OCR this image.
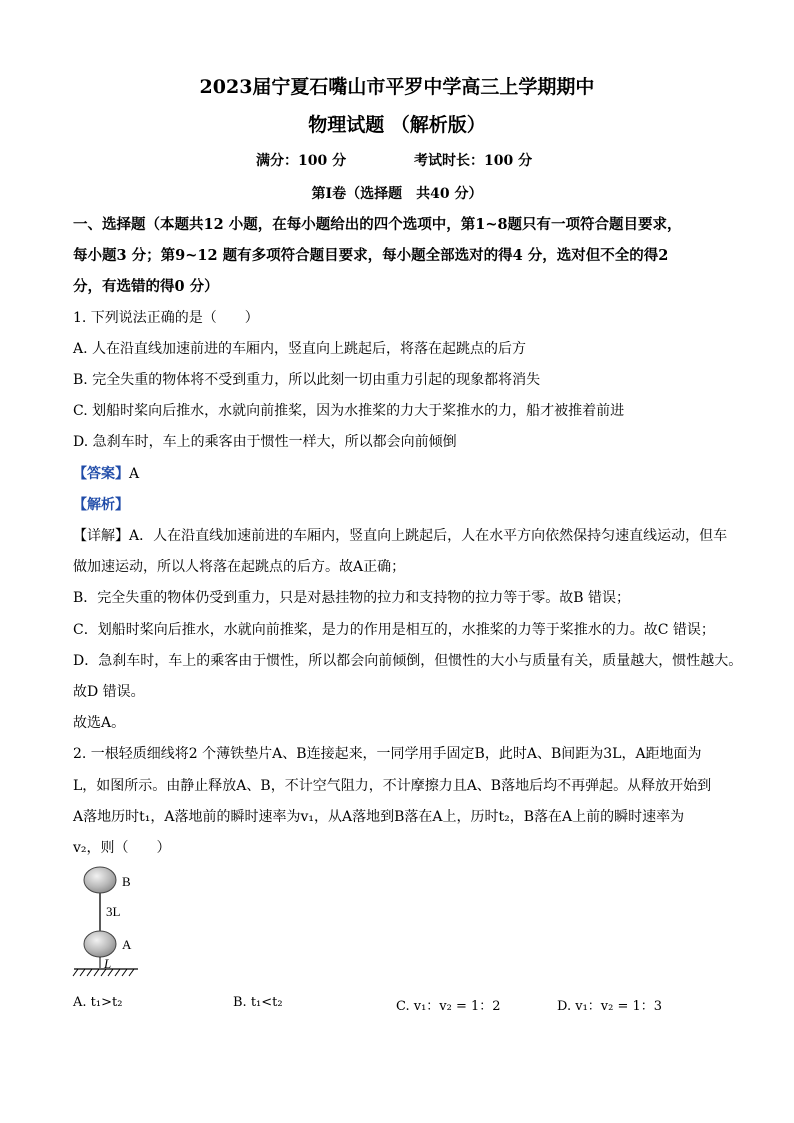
2023届宁夏石嘴山市平罗中学高三上学期期中
物理试题 （解析版）
满分：100 分	考试时长：100 分
第Ⅰ卷（选择题　共40 分）
一、选择题（本题共12 小题，在每小题给出的四个选项中，第1~8题只有一项符合题目要求，
每小题3 分；第9~12 题有多项符合题目要求，每小题全部选对的得4 分，选对但不全的得2
分，有选错的得0 分）
1. 下列说法正确的是（　　）
A. 人在沿直线加速前进的车厢内，竖直向上跳起后，将落在起跳点的后方
B. 完全失重的物体将不受到重力，所以此刻一切由重力引起的现象都将消失
C. 划船时桨向后推水，水就向前推桨，因为水推桨的力大于桨推水的力，船才被推着前进
D. 急刹车时，车上的乘客由于惯性一样大，所以都会向前倾倒
【答案】A
【解析】
【详解】A．人在沿直线加速前进的车厢内，竖直向上跳起后，人在水平方向依然保持匀速直线运动，但车
做加速运动，所以人将落在起跳点的后方。故A正确；
B．完全失重的物体仍受到重力，只是对悬挂物的拉力和支持物的拉力等于零。故B 错误；
C．划船时桨向后推水，水就向前推桨，是力的作用是相互的，水推桨的力等于桨推水的力。故C 错误；
D．急刹车时，车上的乘客由于惯性，所以都会向前倾倒，但惯性的大小与质量有关，质量越大，惯性越大。
故D 错误。
故选A。
2. 一根轻质细线将2 个薄铁垫片A、B连接起来，一同学用手固定B，此时A、B间距为3L，A距地面为
L，如图所示。由静止释放A、B，不计空气阻力，不计摩擦力且A、B落地后均不再弹起。从释放开始到
A落地历时t₁，A落地前的瞬时速率为v₁，从A落地到B落在A上，历时t₂，B落在A上前的瞬时速率为
v₂，则（　　）
B
A
3L
L
A. t₁>t₂	B. t₁<t₂	C. v₁：v₂ = 1：2	D. v₁：v₂ = 1：3
